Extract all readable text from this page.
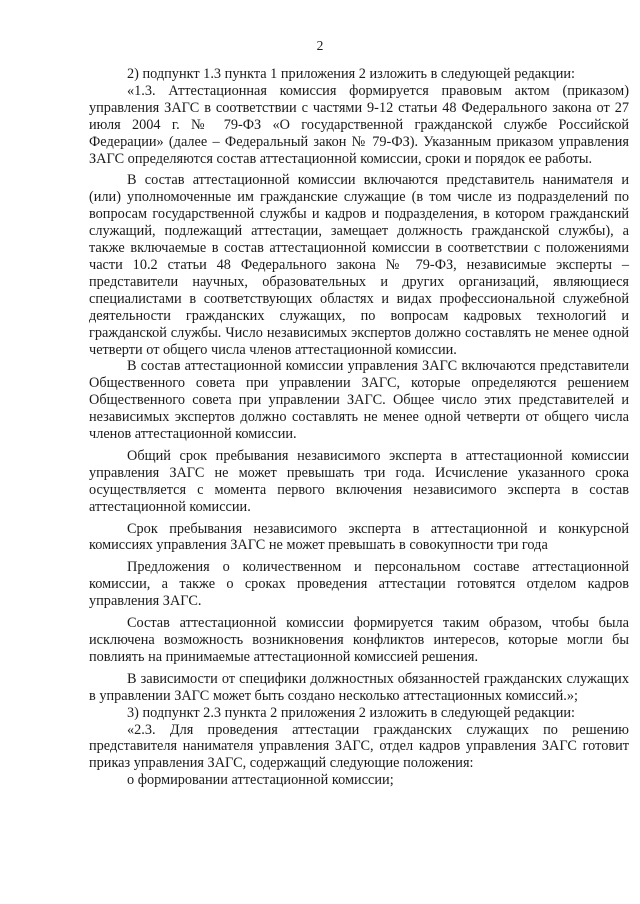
2

2) подпункт 1.3 пункта 1 приложения 2 изложить в следующей редакции:

«1.3. Аттестационная комиссия формируется правовым актом (приказом) управления ЗАГС в соответствии с частями 9-12 статьи 48 Федерального закона от 27 июля 2004 г. № 79-ФЗ «О государственной гражданской службе Российской Федерации» (далее – Федеральный закон № 79-ФЗ). Указанным приказом управления ЗАГС определяются состав аттестационной комиссии, сроки и порядок ее работы.

В состав аттестационной комиссии включаются представитель нанимателя и (или) уполномоченные им гражданские служащие (в том числе из подразделений по вопросам государственной службы и кадров и подразделения, в котором гражданский служащий, подлежащий аттестации, замещает должность гражданской службы), а также включаемые в состав аттестационной комиссии в соответствии с положениями части 10.2 статьи 48 Федерального закона № 79-ФЗ, независимые эксперты – представители научных, образовательных и других организаций, являющиеся специалистами в соответствующих областях и видах профессиональной служебной деятельности гражданских служащих, по вопросам кадровых технологий и гражданской службы. Число независимых экспертов должно составлять не менее одной четверти от общего числа членов аттестационной комиссии.

В состав аттестационной комиссии управления ЗАГС включаются представители Общественного совета при управлении ЗАГС, которые определяются решением Общественного совета при управлении ЗАГС. Общее число этих представителей и независимых экспертов должно составлять не менее одной четверти от общего числа членов аттестационной комиссии.

Общий срок пребывания независимого эксперта в аттестационной комиссии управления ЗАГС не может превышать три года. Исчисление указанного срока осуществляется с момента первого включения независимого эксперта в состав аттестационной комиссии.

Срок пребывания независимого эксперта в аттестационной и конкурсной комиссиях управления ЗАГС не может превышать в совокупности три года

Предложения о количественном и персональном составе аттестационной комиссии, а также о сроках проведения аттестации готовятся отделом кадров управления ЗАГС.

Состав аттестационной комиссии формируется таким образом, чтобы была исключена возможность возникновения конфликтов интересов, которые могли бы повлиять на принимаемые аттестационной комиссией решения.

В зависимости от специфики должностных обязанностей гражданских служащих в управлении ЗАГС может быть создано несколько аттестационных комиссий.»;

3) подпункт 2.3 пункта 2 приложения 2 изложить в следующей редакции:

«2.3. Для проведения аттестации гражданских служащих по решению представителя нанимателя управления ЗАГС, отдел кадров управления ЗАГС готовит приказ управления ЗАГС, содержащий следующие положения:

о формировании аттестационной комиссии;
